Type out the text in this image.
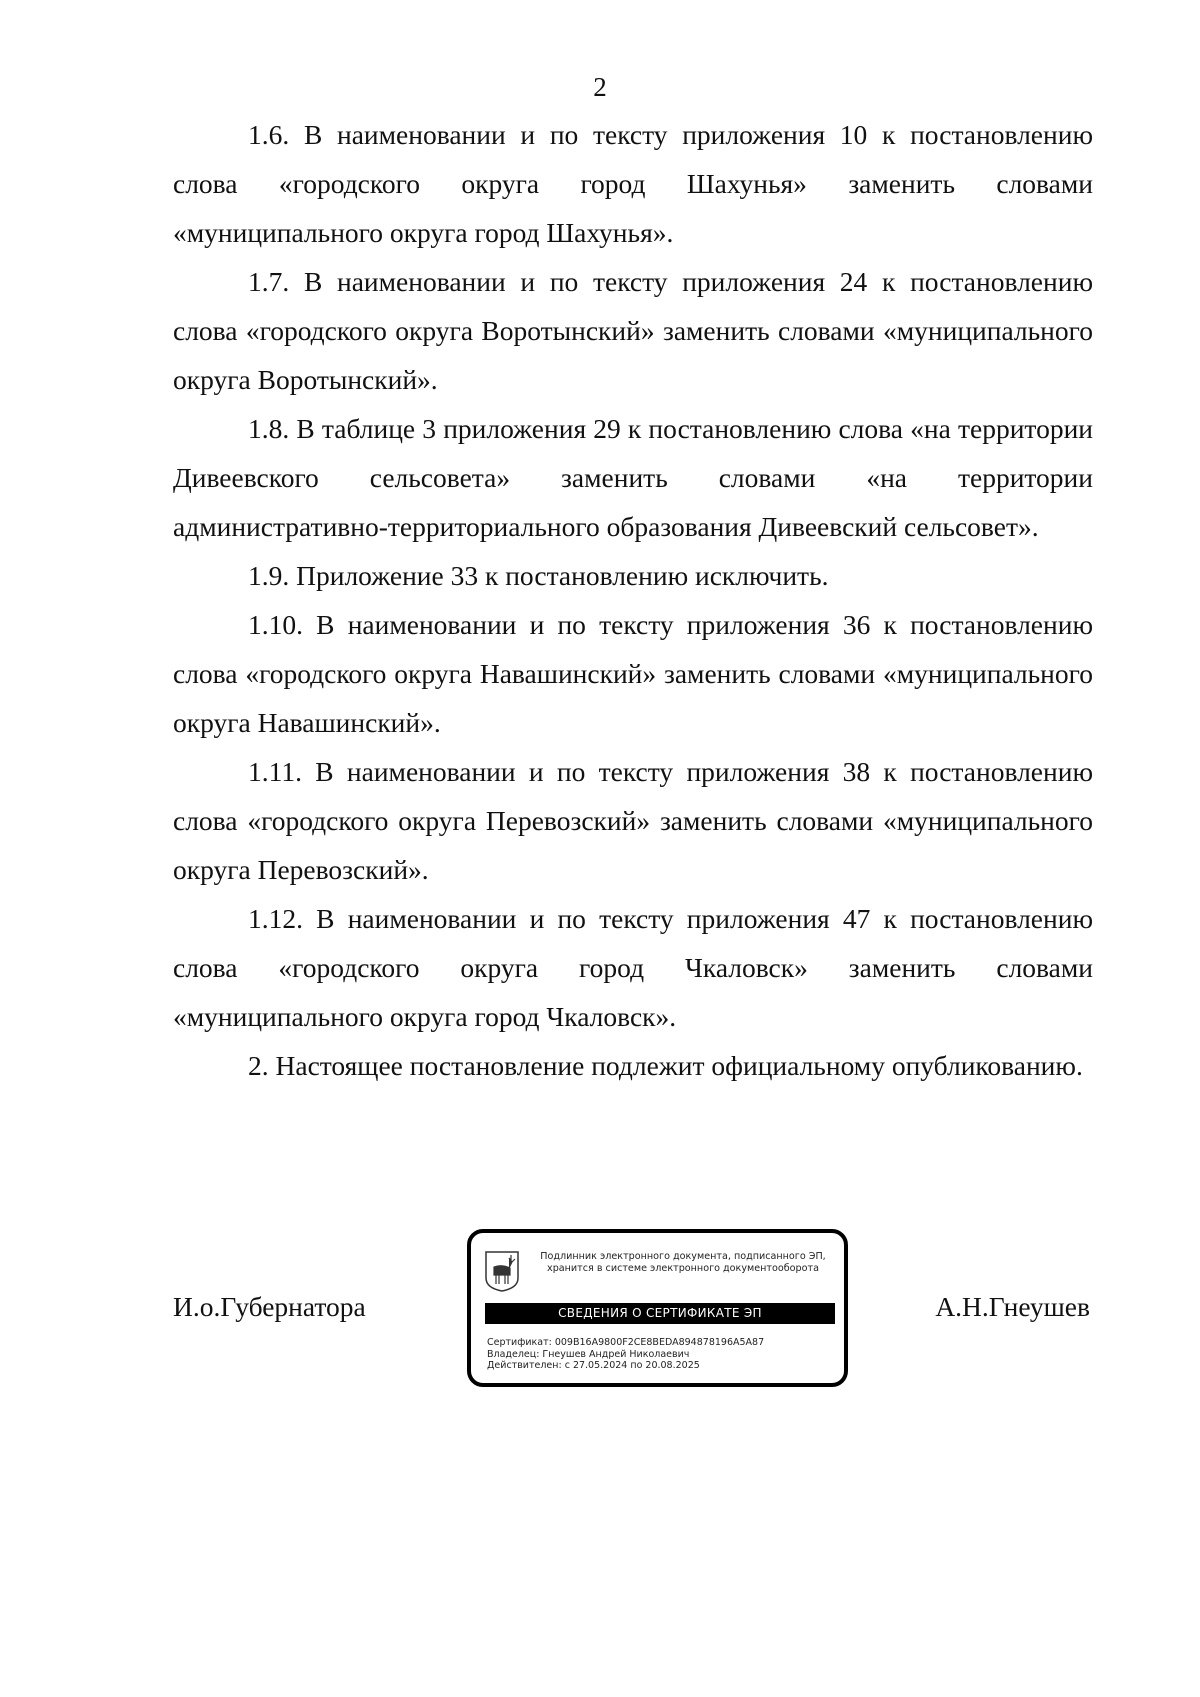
2

1.6. В наименовании и по тексту приложения 10 к постановлению слова «городского округа город Шахунья» заменить словами «муниципального округа город Шахунья».

1.7. В наименовании и по тексту приложения 24 к постановлению слова «городского округа Воротынский» заменить словами «муниципального округа Воротынский».

1.8. В таблице 3 приложения 29 к постановлению слова «на территории Дивеевского сельсовета» заменить словами «на территории административно-территориального образования Дивеевский сельсовет».

1.9. Приложение 33 к постановлению исключить.

1.10. В наименовании и по тексту приложения 36 к постановлению слова «городского округа Навашинский» заменить словами «муниципального округа Навашинский».

1.11. В наименовании и по тексту приложения 38 к постановлению слова «городского округа Перевозский» заменить словами «муниципального округа Перевозский».

1.12. В наименовании и по тексту приложения 47 к постановлению слова «городского округа город Чкаловск» заменить словами «муниципального округа город Чкаловск».

2. Настоящее постановление подлежит официальному опубликованию.

И.о.Губернатора
Подлинник электронного документа, подписанного ЭП,
хранится в системе электронного документооборота
СВЕДЕНИЯ О СЕРТИФИКАТЕ ЭП
Сертификат: 009B16A9800F2CE8BEDA894878196A5A87
Владелец: Гнеушев Андрей Николаевич
Действителен: с 27.05.2024 по 20.08.2025
А.Н.Гнеушев
